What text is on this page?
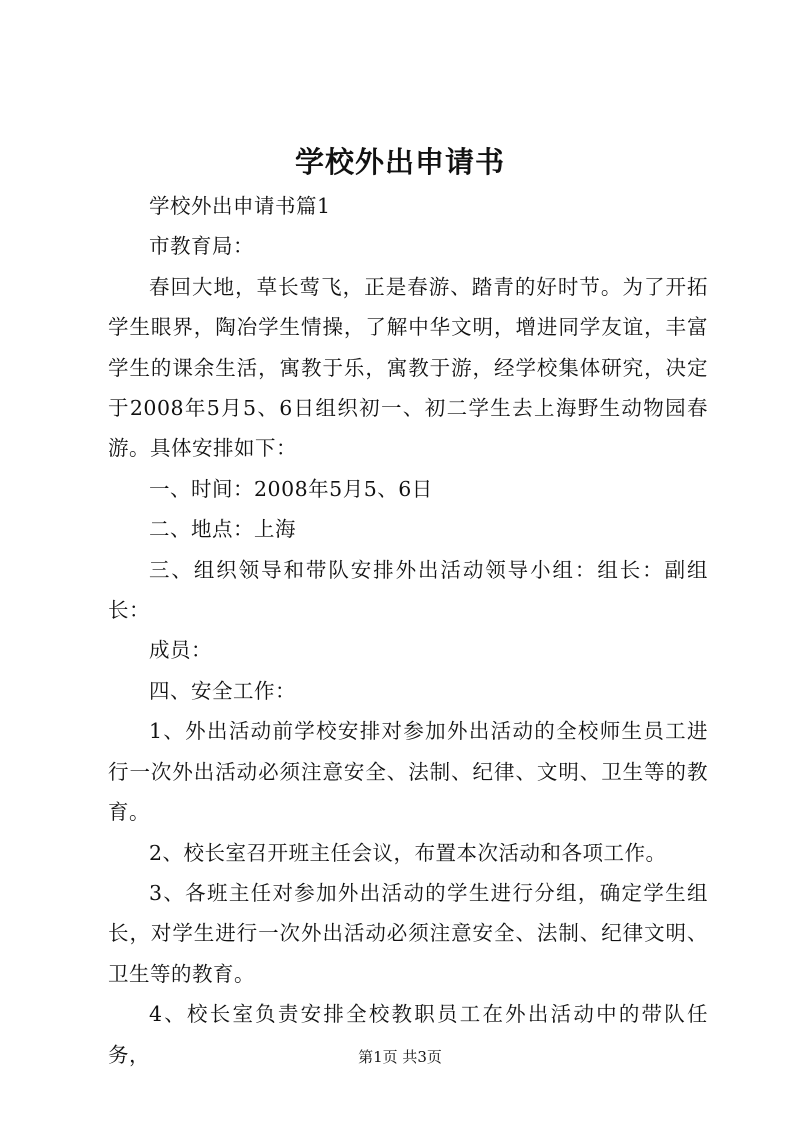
学校外出申请书

学校外出申请书篇1

市教育局：

春回大地，草长莺飞，正是春游、踏青的好时节。为了开拓学生眼界，陶冶学生情操，了解中华文明，增进同学友谊，丰富学生的课余生活，寓教于乐，寓教于游，经学校集体研究，决定于2008年5月5、6日组织初一、初二学生去上海野生动物园春游。具体安排如下：

一、时间：2008年5月5、6日

二、地点：上海

三、组织领导和带队安排外出活动领导小组：组长：副组长：

成员：

四、安全工作：

1、外出活动前学校安排对参加外出活动的全校师生员工进行一次外出活动必须注意安全、法制、纪律、文明、卫生等的教育。

2、校长室召开班主任会议，布置本次活动和各项工作。

3、各班主任对参加外出活动的学生进行分组，确定学生组长，对学生进行一次外出活动必须注意安全、法制、纪律文明、卫生等的教育。

4、校长室负责安排全校教职员工在外出活动中的带队任务，	第1页 共3页
